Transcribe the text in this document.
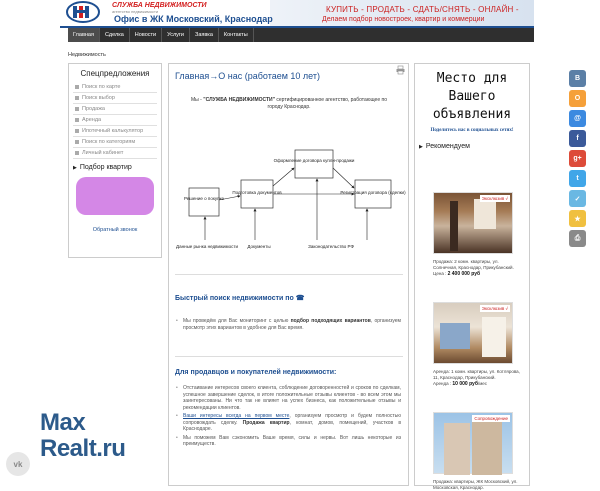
СЛУЖБА НЕДВИЖИМОСТИ
агентство недвижимости
Офис в ЖК Московский, Краснодар
КУПИТЬ - ПРОДАТЬ - СДАТЬ/СНЯТЬ - ОНЛАЙН -
Делаем подбор новостроек, квартир и коммерции
Главная	Сделка	Новости	Услуги	Заявка	Контакты
Недвижимость
Спецпредложения
Поиск по карте
Поиск выбор
Продажа
Аренда
Ипотечный калькулятор
Поиск по категориям
Личный кабинет
▶ Подбор квартир
Обратный звонок
Главная→О нас (работаем 10 лет)
Мы - "СЛУЖБА НЕДВИЖИМОСТИ" сертифицированное агентство, работающее по городу Краснодар.
Решение о покупке
Подготовка документов
Оформление договора купли-продажи
Регистрация договора (сделки)
Данные рынка недвижимости Документы	Законодательство РФ
Быстрый поиск недвижимости по ☎
• Мы проведём для Вас мониторинг с целью подбор подходящих вариантов, организуем просмотр этих вариантов в удобное для Вас время.
Для продавцов и покупателей недвижимости:
• Отстаивание интересов своего клиента, соблюдение договоренностей и сроков по сделкам, успешное завершение сделок, в итоге положительные отзывы клиентов - во всем этом мы заинтересованы. Ни что так не влияет на успех бизнеса, как положительные отзывы и рекомендации клиентов.
• Ваши интересы всегда на первом месте, организуем просмотр и будем полностью сопровождать сделку. Продажа квартир, комнат, домов, помещений, участков в Краснодаре.
• Мы поможем Вам сэкономить Ваше время, силы и нервы. Вот лишь некоторые из преимуществ.
Место для
Вашего
объявления
Поделитесь нас в социальных сетях!
▶ Рекомендуем
Эксклюзив √
Продажа: 2 комн. квартиры, ул. Солнечная, Краснодар, Прикубанский.
Цена : 2 400 000 руб
Эксклюзив √
Аренда: 1 комн. квартиры, ул. Котлярова, 11, Краснодар, Прикубанский.
Аренда : 10 000 руб/мес
Сопровождение
Продажа: квартиры, ЖК Московский, ул. Московская, Краснодар.
В
О
@
f
g+
t
✓
★
⎙
Max
Realt.ru
vk
